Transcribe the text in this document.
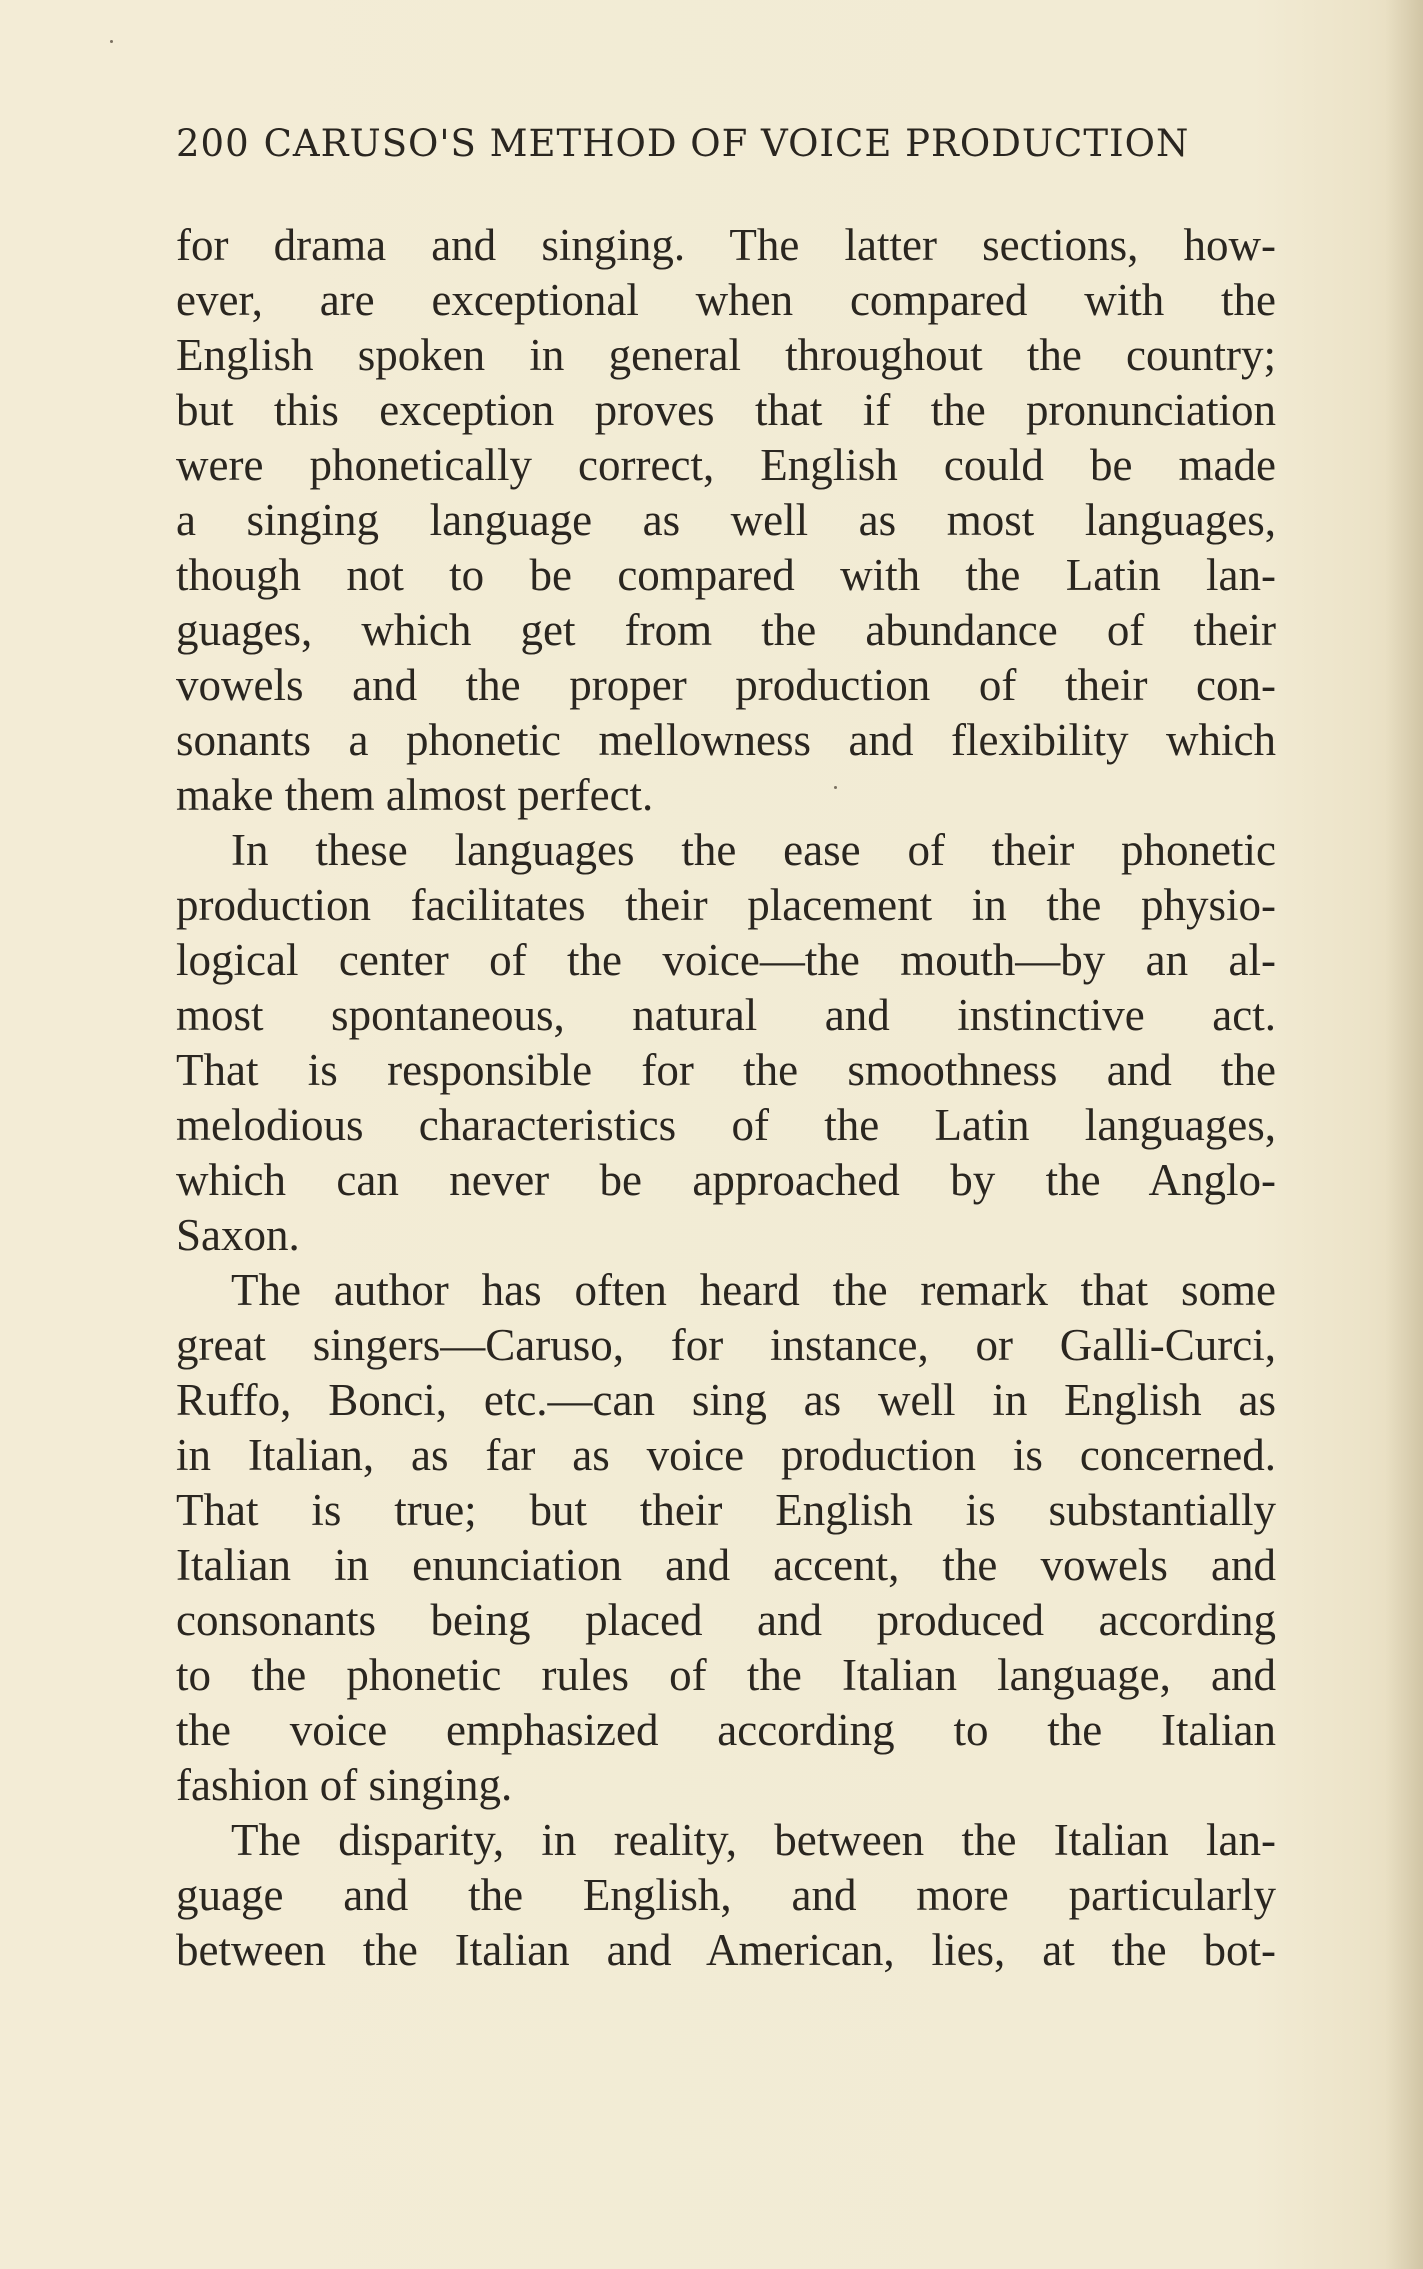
200 CARUSO'S METHOD OF VOICE PRODUCTION

for drama and singing. The latter sections, how-
ever, are exceptional when compared with the
English spoken in general throughout the country;
but this exception proves that if the pronunciation
were phonetically correct, English could be made
a singing language as well as most languages,
though not to be compared with the Latin lan-
guages, which get from the abundance of their
vowels and the proper production of their con-
sonants a phonetic mellowness and flexibility which
make them almost perfect.

In these languages the ease of their phonetic
production facilitates their placement in the physio-
logical center of the voice—the mouth—by an al-
most spontaneous, natural and instinctive act.
That is responsible for the smoothness and the
melodious characteristics of the Latin languages,
which can never be approached by the Anglo-
Saxon.

The author has often heard the remark that some
great singers—Caruso, for instance, or Galli-Curci,
Ruffo, Bonci, etc.—can sing as well in English as
in Italian, as far as voice production is concerned.
That is true; but their English is substantially
Italian in enunciation and accent, the vowels and
consonants being placed and produced according
to the phonetic rules of the Italian language, and
the voice emphasized according to the Italian
fashion of singing.

The disparity, in reality, between the Italian lan-
guage and the English, and more particularly
between the Italian and American, lies, at the bot-
